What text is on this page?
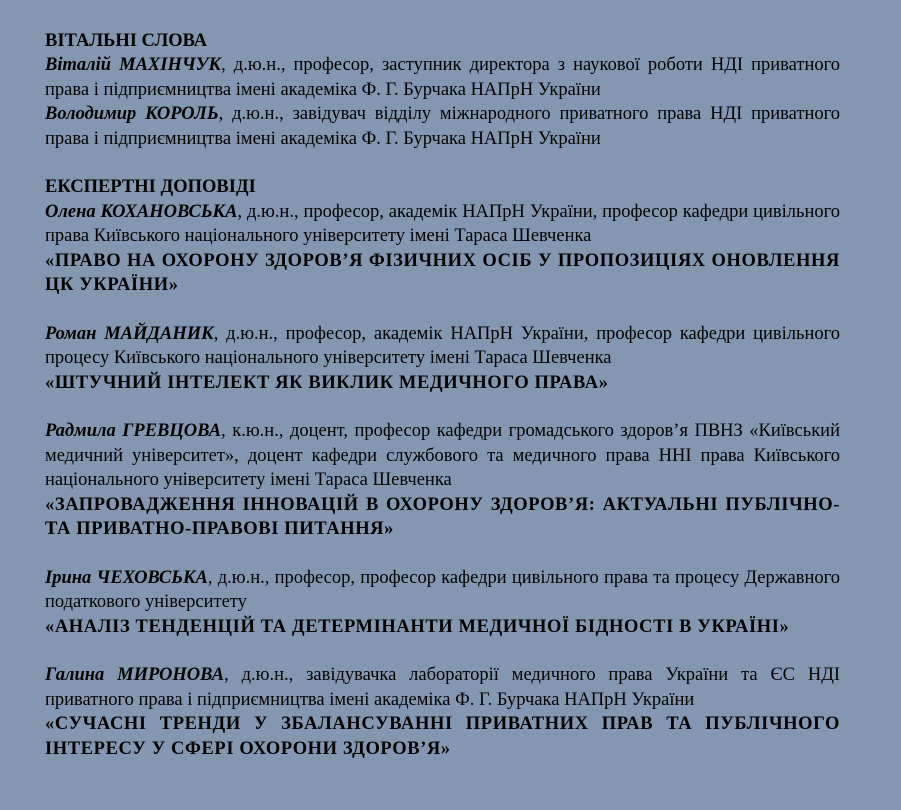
ВІТАЛЬНІ СЛОВА
Віталій МАХІНЧУК, д.ю.н., професор, заступник директора з наукової роботи НДІ приватного права і підприємництва імені академіка Ф. Г. Бурчака НАПрН України
Володимир КОРОЛЬ, д.ю.н., завідувач відділу міжнародного приватного права НДІ приватного права і підприємництва імені академіка Ф. Г. Бурчака НАПрН України
ЕКСПЕРТНІ ДОПОВІДІ
Олена КОХАНОВСЬКА, д.ю.н., професор, академік НАПрН України, професор кафедри цивільного права Київського національного університету імені Тараса Шевченка
«ПРАВО НА ОХОРОНУ ЗДОРОВ’Я ФІЗИЧНИХ ОСІБ У ПРОПОЗИЦІЯХ ОНОВЛЕННЯ ЦК УКРАЇНИ»
Роман МАЙДАНИК, д.ю.н., професор, академік НАПрН України, професор кафедри цивільного процесу Київського національного університету імені Тараса Шевченка
«ШТУЧНИЙ ІНТЕЛЕКТ ЯК ВИКЛИК МЕДИЧНОГО ПРАВА»
Радмила ГРЕВЦОВА, к.ю.н., доцент, професор кафедри громадського здоров’я ПВНЗ «Київський медичний університет», доцент кафедри службового та медичного права ННІ права Київського національного університету імені Тараса Шевченка
«ЗАПРОВАДЖЕННЯ ІННОВАЦІЙ В ОХОРОНУ ЗДОРОВ’Я: АКТУАЛЬНІ ПУБЛІЧНО- ТА ПРИВАТНО-ПРАВОВІ ПИТАННЯ»
Ірина ЧЕХОВСЬКА, д.ю.н., професор, професор кафедри цивільного права та процесу Державного податкового університету
«АНАЛІЗ ТЕНДЕНЦІЙ ТА ДЕТЕРМІНАНТИ МЕДИЧНОЇ БІДНОСТІ В УКРАЇНІ»
Галина МИРОНОВА, д.ю.н., завідувачка лабораторії медичного права України та ЄС НДІ приватного права і підприємництва імені академіка Ф. Г. Бурчака НАПрН України
«СУЧАСНІ ТРЕНДИ У ЗБАЛАНСУВАННІ ПРИВАТНИХ ПРАВ ТА ПУБЛІЧНОГО ІНТЕРЕСУ У СФЕРІ ОХОРОНИ ЗДОРОВ’Я»
